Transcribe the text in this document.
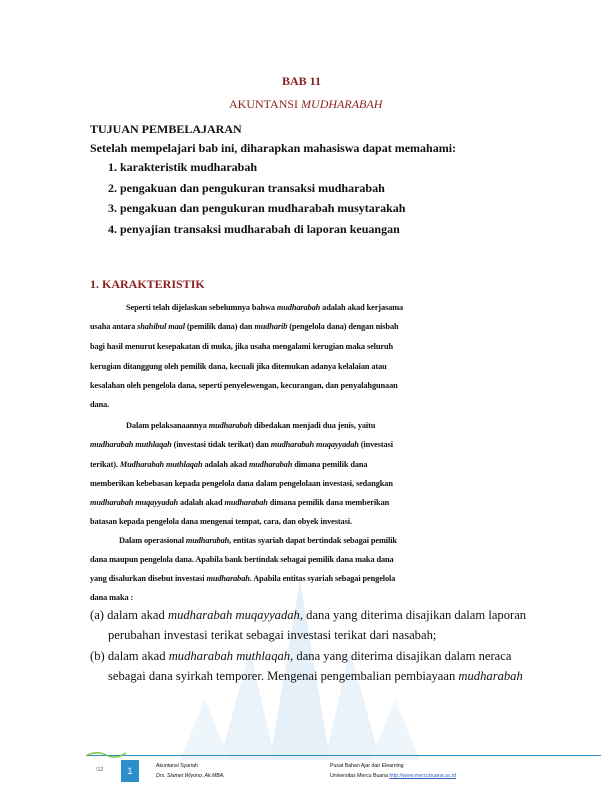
BAB 11
AKUNTANSI MUDHARABAH
TUJUAN PEMBELAJARAN
Setelah mempelajari bab ini, diharapkan mahasiswa dapat memahami:
1. karakteristik mudharabah
2. pengakuan dan pengukuran transaksi mudharabah
3. pengakuan dan pengukuran mudharabah musytarakah
4. penyajian transaksi mudharabah di laporan keuangan
1. KARAKTERISTIK
Seperti telah dijelaskan sebelumnya bahwa mudharabah adalah akad kerjasama
usaha antara shahibul maal (pemilik dana) dan mudharib (pengelola dana) dengan nisbah
bagi hasil menurut kesepakatan di muka, jika usaha mengalami kerugian maka seluruh
kerugian ditanggung oleh pemilik dana, kecuali jika ditemukan adanya kelalaian atau
kesalahan oleh pengelola dana, seperti penyelewengan, kecurangan, dan penyalahgunaan
dana.
Dalam pelaksanaannya mudharabah dibedakan menjadi dua jenis, yaitu
mudharabah muthlaqah (investasi tidak terikat) dan mudharabah muqayyadah (investasi
terikat). Mudharabah muthlaqah adalah akad mudharabah dimana pemilik dana
memberikan kebebasan kepada pengelola dana dalam pengelolaan investasi, sedangkan
mudharabah muqayyadah adalah akad mudharabah dimana pemilik dana memberikan
batasan kepada pengelola dana mengenai tempat, cara, dan obyek investasi.
Dalam operasional mudharabah, entitas syariah dapat bertindak sebagai pemilik
dana maupun pengelola dana. Apabila bank bertindak sebagai pemilik dana maka dana
yang disalurkan disebut investasi mudharabah. Apabila entitas syariah sebagai pengelola
dana maka :
(a) dalam akad mudharabah muqayyadah, dana yang diterima disajikan dalam laporan
perubahan investasi terikat sebagai investasi terikat dari nasabah;
(b) dalam akad mudharabah muthlaqah, dana yang diterima disajikan dalam neraca
sebagai dana syirkah temporer. Mengenai pengembalian pembiayaan mudharabah
\12	1	Akuntansi Syariah
Drs. Slamet Wiyono, Ak.MBA.
Pusat Bahan Ajar dan Elearning
Universitas Mercu Buana http://www.mercubuana.ac.id
